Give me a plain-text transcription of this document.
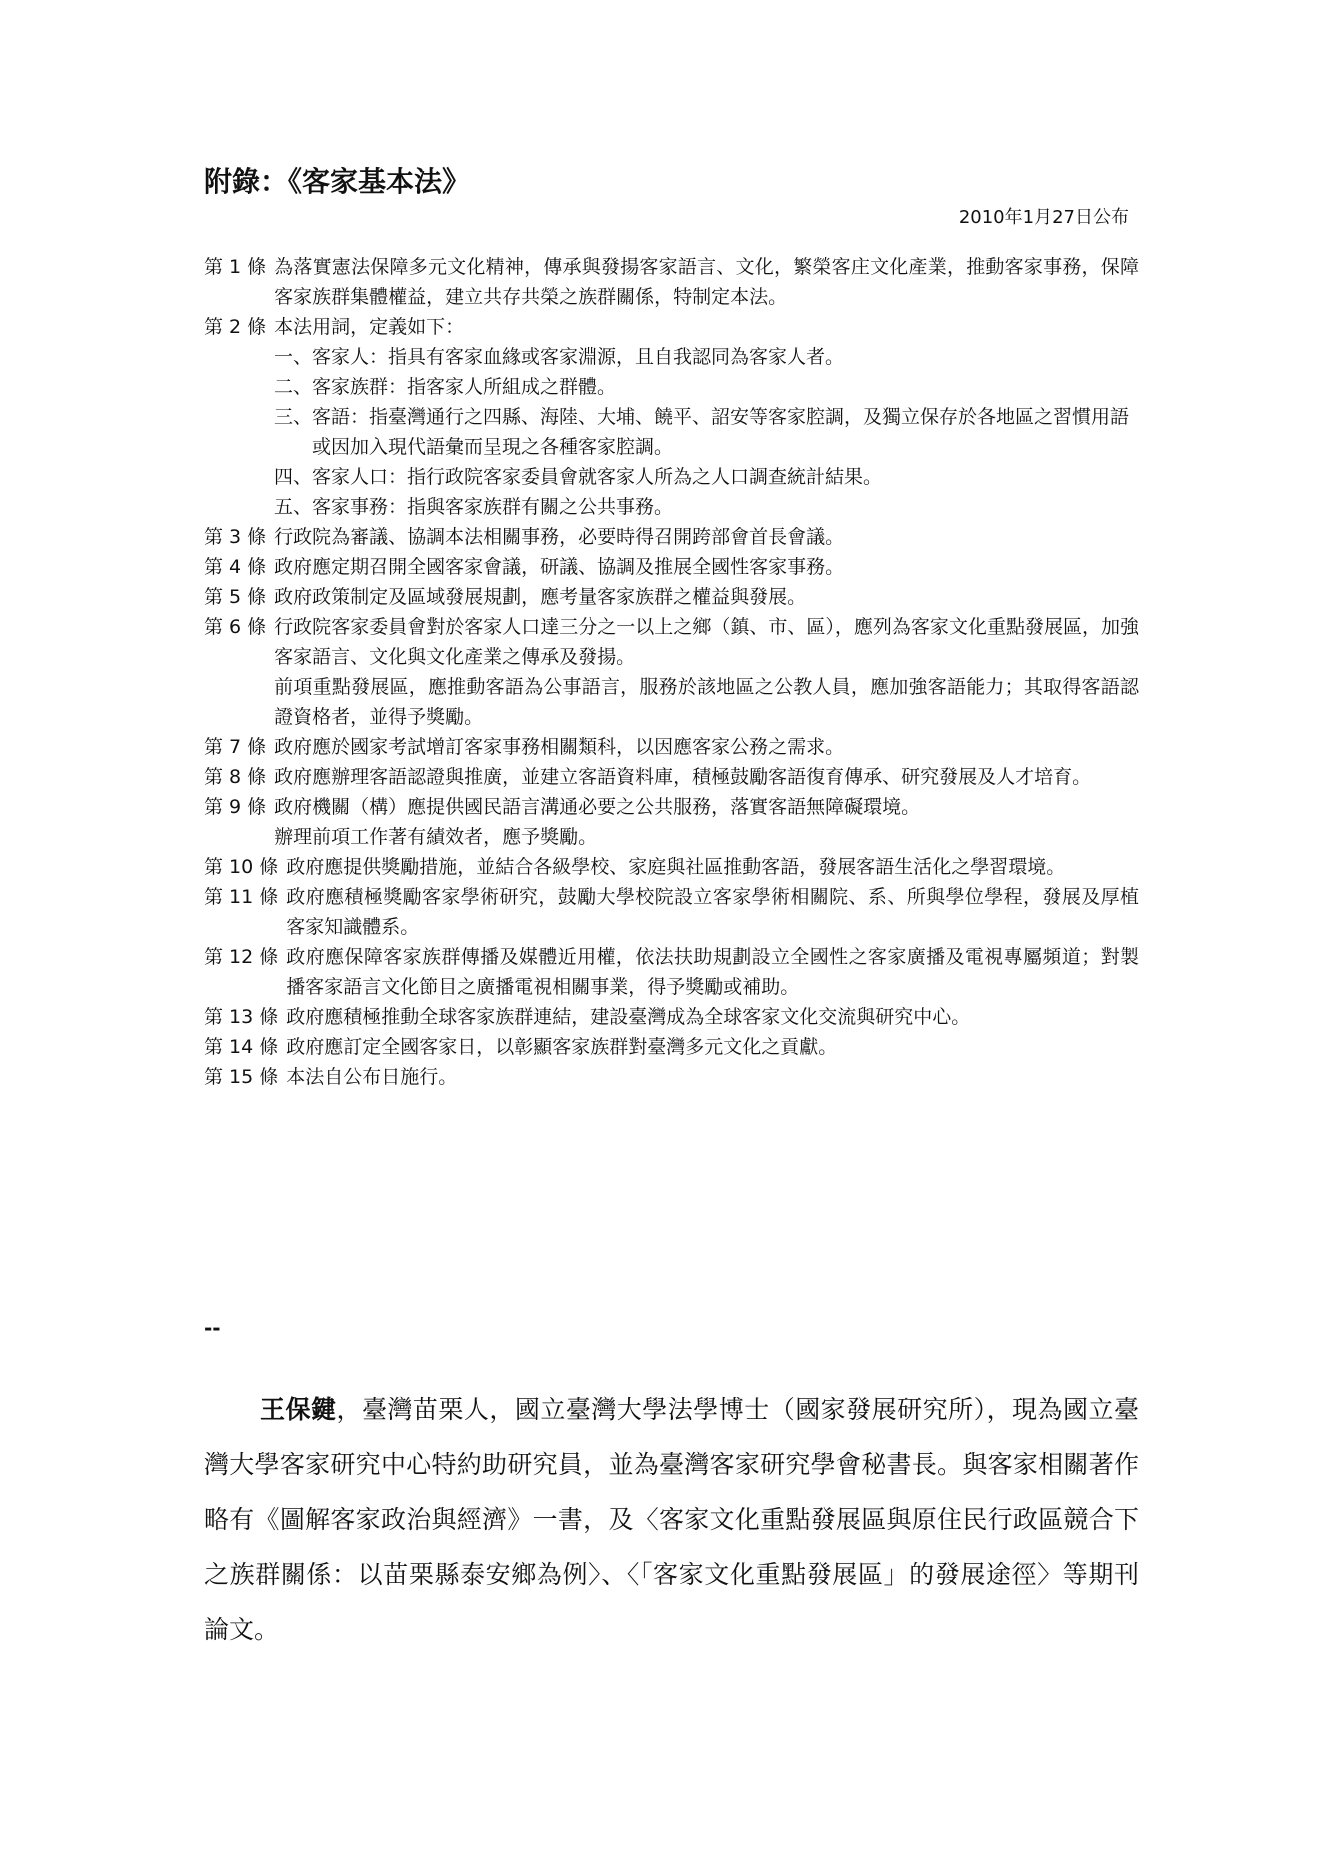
附錄：《客家基本法》
2010年1月27日公布
第 1 條 為落實憲法保障多元文化精神，傳承與發揚客家語言、文化，繁榮客庄文化產業，推動客家事務，保障客家族群集體權益，建立共存共榮之族群關係，特制定本法。

第 2 條 本法用詞，定義如下：

一、 客家人：指具有客家血緣或客家淵源，且自我認同為客家人者。
二、 客家族群：指客家人所組成之群體。
三、 客語：指臺灣通行之四縣、海陸、大埔、饒平、詔安等客家腔調，及獨立保存於各地區之習慣用語或因加入現代語彙而呈現之各種客家腔調。
四、 客家人口：指行政院客家委員會就客家人所為之人口調查統計結果。
五、 客家事務：指與客家族群有關之公共事務。
第 3 條 行政院為審議、協調本法相關事務，必要時得召開跨部會首長會議。

第 4 條 政府應定期召開全國客家會議，研議、協調及推展全國性客家事務。

第 5 條 政府政策制定及區域發展規劃，應考量客家族群之權益與發展。

第 6 條 行政院客家委員會對於客家人口達三分之一以上之鄉（鎮、市、區），應列為客家文化重點發展區，加強客家語言、文化與文化產業之傳承及發揚。

前項重點發展區，應推動客語為公事語言，服務於該地區之公教人員，應加強客語能力；其取得客語認證資格者，並得予獎勵。

第 7 條 政府應於國家考試增訂客家事務相關類科，以因應客家公務之需求。

第 8 條 政府應辦理客語認證與推廣，並建立客語資料庫，積極鼓勵客語復育傳承、研究發展及人才培育。

第 9 條 政府機關（構）應提供國民語言溝通必要之公共服務，落實客語無障礙環境。

辦理前項工作著有績效者，應予獎勵。

第 10 條 政府應提供獎勵措施，並結合各級學校、家庭與社區推動客語，發展客語生活化之學習環境。

第 11 條 政府應積極獎勵客家學術研究，鼓勵大學校院設立客家學術相關院、系、所與學位學程，發展及厚植客家知識體系。

第 12 條 政府應保障客家族群傳播及媒體近用權，依法扶助規劃設立全國性之客家廣播及電視專屬頻道；對製播客家語言文化節目之廣播電視相關事業，得予獎勵或補助。

第 13 條 政府應積極推動全球客家族群連結，建設臺灣成為全球客家文化交流與研究中心。

第 14 條 政府應訂定全國客家日，以彰顯客家族群對臺灣多元文化之貢獻。

第 15 條 本法自公布日施行。

--

王保鍵，臺灣苗栗人，國立臺灣大學法學博士（國家發展研究所），現為國立臺灣大學客家研究中心特約助研究員，並為臺灣客家研究學會秘書長。與客家相關著作略有《圖解客家政治與經濟》一書，及〈客家文化重點發展區與原住民行政區競合下之族群關係：以苗栗縣泰安鄉為例〉、〈「客家文化重點發展區」的發展途徑〉等期刊論文。
